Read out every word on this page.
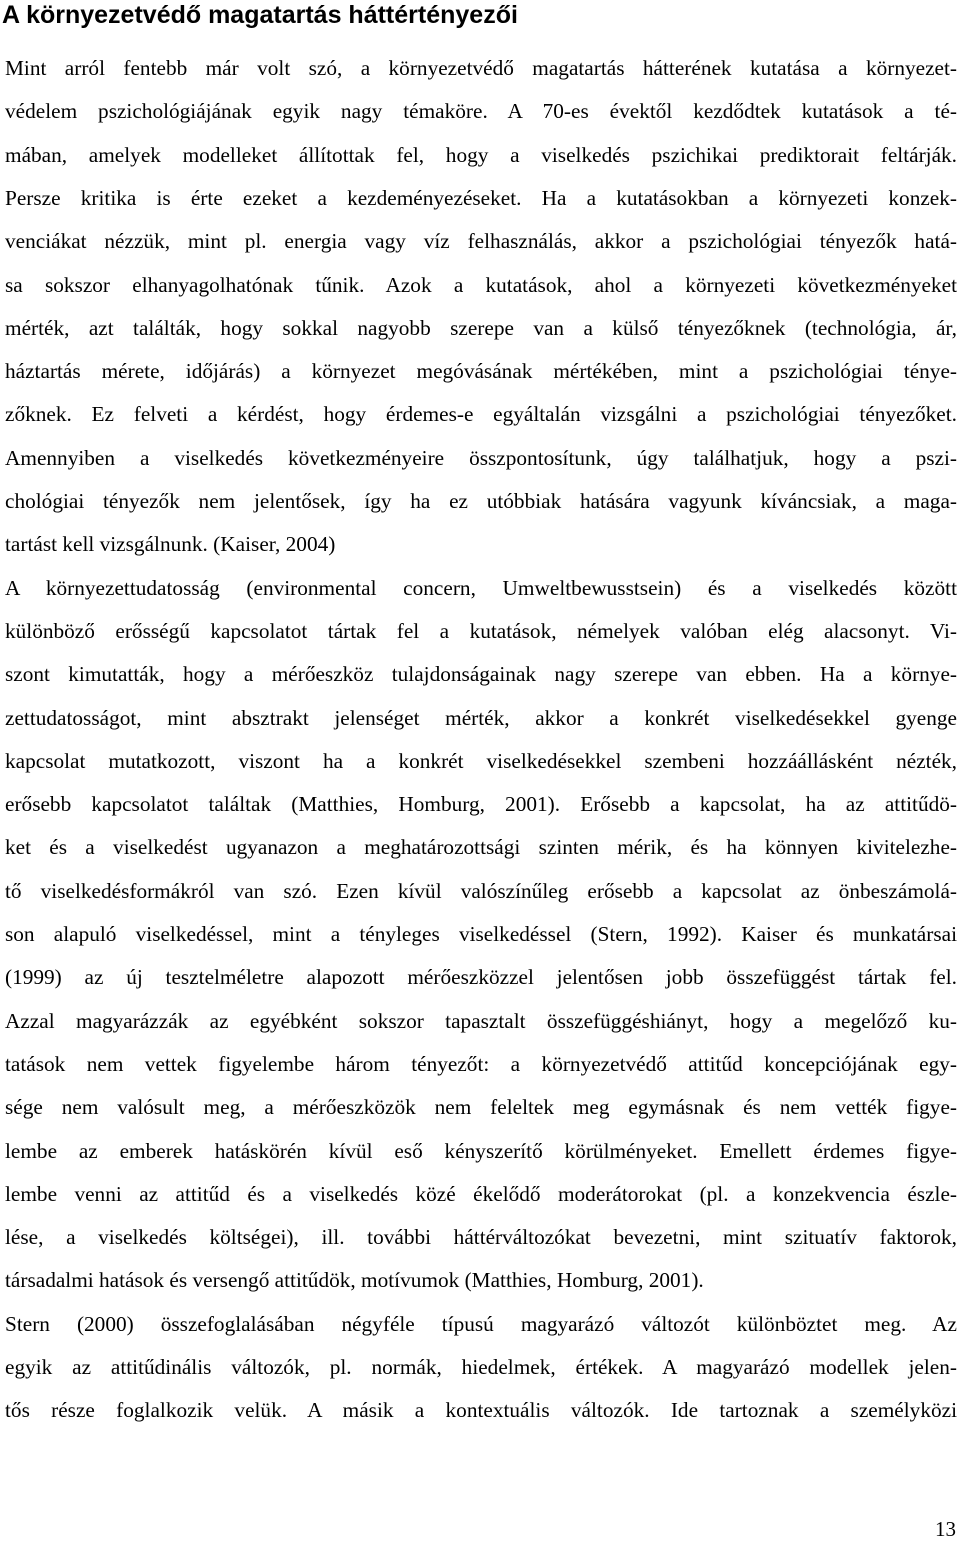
A környezetvédő magatartás háttértényezői
Mint arról fentebb már volt szó, a környezetvédő magatartás hátterének kutatása a környezet-
védelem pszichológiájának egyik nagy témaköre. A 70-es évektől kezdődtek kutatások a té-
mában, amelyek modelleket állítottak fel, hogy a viselkedés pszichikai prediktorait feltárják.
Persze kritika is érte ezeket a kezdeményezéseket. Ha a kutatásokban a környezeti konzek-
venciákat nézzük, mint pl. energia vagy víz felhasználás, akkor a pszichológiai tényezők hatá-
sa sokszor elhanyagolhatónak tűnik. Azok a kutatások, ahol a környezeti következményeket
mérték, azt találták, hogy sokkal nagyobb szerepe van a külső tényezőknek (technológia, ár,
háztartás mérete, időjárás) a környezet megóvásának mértékében, mint a pszichológiai ténye-
zőknek. Ez felveti a kérdést, hogy érdemes-e egyáltalán vizsgálni a pszichológiai tényezőket.
Amennyiben a viselkedés következményeire összpontosítunk, úgy találhatjuk, hogy a pszi-
chológiai tényezők nem jelentősek, így ha ez utóbbiak hatására vagyunk kíváncsiak, a maga-
tartást kell vizsgálnunk. (Kaiser, 2004)
A környezettudatosság (environmental concern, Umweltbewusstsein) és a viselkedés között
különböző erősségű kapcsolatot tártak fel a kutatások, némelyek valóban elég alacsonyt. Vi-
szont kimutatták, hogy a mérőeszköz tulajdonságainak nagy szerepe van ebben. Ha a környe-
zettudatosságot, mint absztrakt jelenséget mérték, akkor a konkrét viselkedésekkel gyenge
kapcsolat mutatkozott, viszont ha a konkrét viselkedésekkel szembeni hozzáállásként nézték,
erősebb kapcsolatot találtak (Matthies, Homburg, 2001). Erősebb a kapcsolat, ha az attitűdö-
ket és a viselkedést ugyanazon a meghatározottsági szinten mérik, és ha könnyen kivitelezhe-
tő viselkedésformákról van szó. Ezen kívül valószínűleg erősebb a kapcsolat az önbeszámolá-
son alapuló viselkedéssel, mint a tényleges viselkedéssel (Stern, 1992). Kaiser és munkatársai
(1999) az új tesztelméletre alapozott mérőeszközzel jelentősen jobb összefüggést tártak fel.
Azzal magyarázzák az egyébként sokszor tapasztalt összefüggéshiányt, hogy a megelőző ku-
tatások nem vettek figyelembe három tényezőt: a környezetvédő attitűd koncepciójának egy-
sége nem valósult meg, a mérőeszközök nem feleltek meg egymásnak és nem vették figye-
lembe az emberek hatáskörén kívül eső kényszerítő körülményeket. Emellett érdemes figye-
lembe venni az attitűd és a viselkedés közé ékelődő moderátorokat (pl. a konzekvencia észle-
lése, a viselkedés költségei), ill. további háttérváltozókat bevezetni, mint szituatív faktorok,
társadalmi hatások és versengő attitűdök, motívumok (Matthies, Homburg, 2001).
Stern (2000) összefoglalásában négyféle típusú magyarázó változót különböztet meg. Az
egyik az attitűdinális változók, pl. normák, hiedelmek, értékek. A magyarázó modellek jelen-
tős része foglalkozik velük. A másik a kontextuális változók. Ide tartoznak a személyközi
13
